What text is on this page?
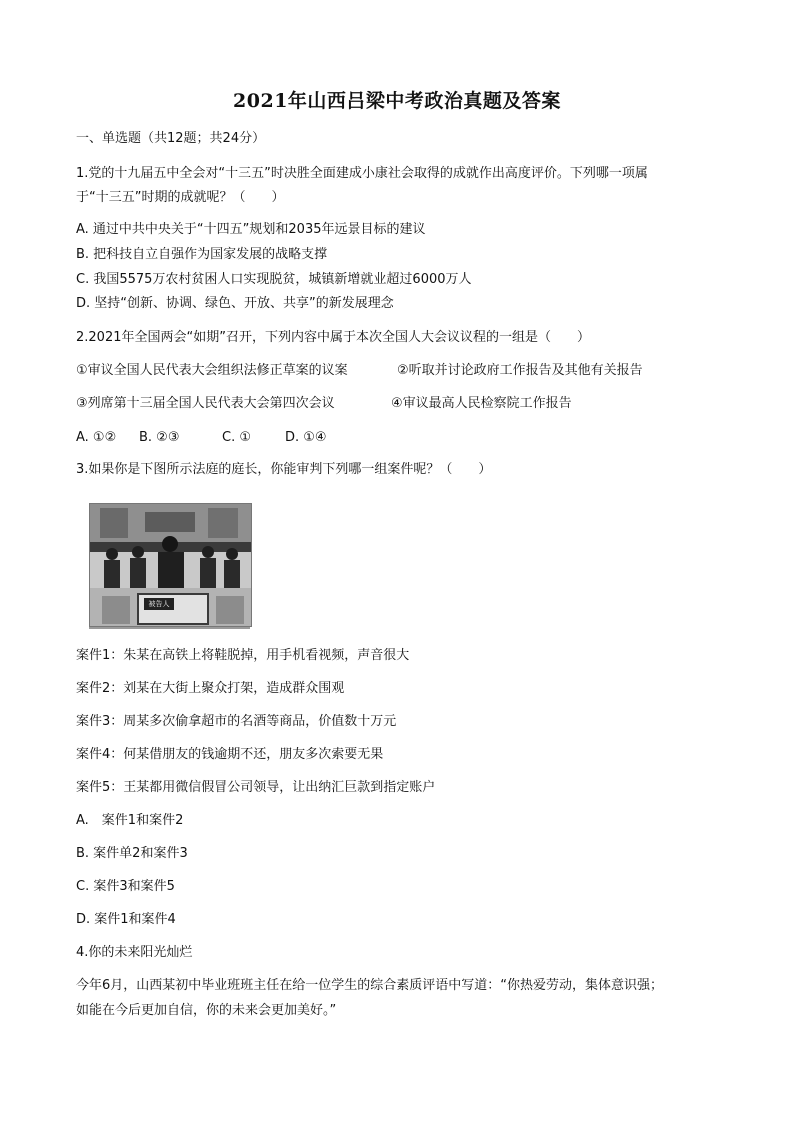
2021年山西吕梁中考政治真题及答案
一、单选题（共12题；共24分）
1.党的十九届五中全会对“十三五”时决胜全面建成小康社会取得的成就作出高度评价。下列哪一项属
于“十三五”时期的成就呢？（　　）
A. 通过中共中央关于“十四五”规划和2035年远景目标的建议
B. 把科技自立自强作为国家发展的战略支撑
C. 我国5575万农村贫困人口实现脱贫，城镇新增就业超过6000万人
D. 坚持“创新、协调、绿色、开放、共享”的新发展理念
2.2021年全国两会“如期”召开，下列内容中属于本次全国人大会议议程的一组是（　　）
①审议全国人民代表大会组织法修正草案的议案	②听取并讨论政府工作报告及其他有关报告
③列席第十三届全国人民代表大会第四次会议	④审议最高人民检察院工作报告
A. ①② B. ②③	C. ①	D. ①④
3.如果你是下图所示法庭的庭长，你能审判下列哪一组案件呢？（　　）
被告人
案件1：朱某在高铁上将鞋脱掉，用手机看视频，声音很大
案件2：刘某在大街上聚众打架，造成群众围观
案件3：周某多次偷拿超市的名酒等商品，价值数十万元
案件4：何某借朋友的钱逾期不还，朋友多次索要无果
案件5：王某都用微信假冒公司领导，让出纳汇巨款到指定账户
A.　案件1和案件2
B. 案件单2和案件3
C. 案件3和案件5
D. 案件1和案件4
4.你的未来阳光灿烂
今年6月，山西某初中毕业班班主任在给一位学生的综合素质评语中写道：“你热爱劳动，集体意识强；
如能在今后更加自信，你的未来会更加美好。”
